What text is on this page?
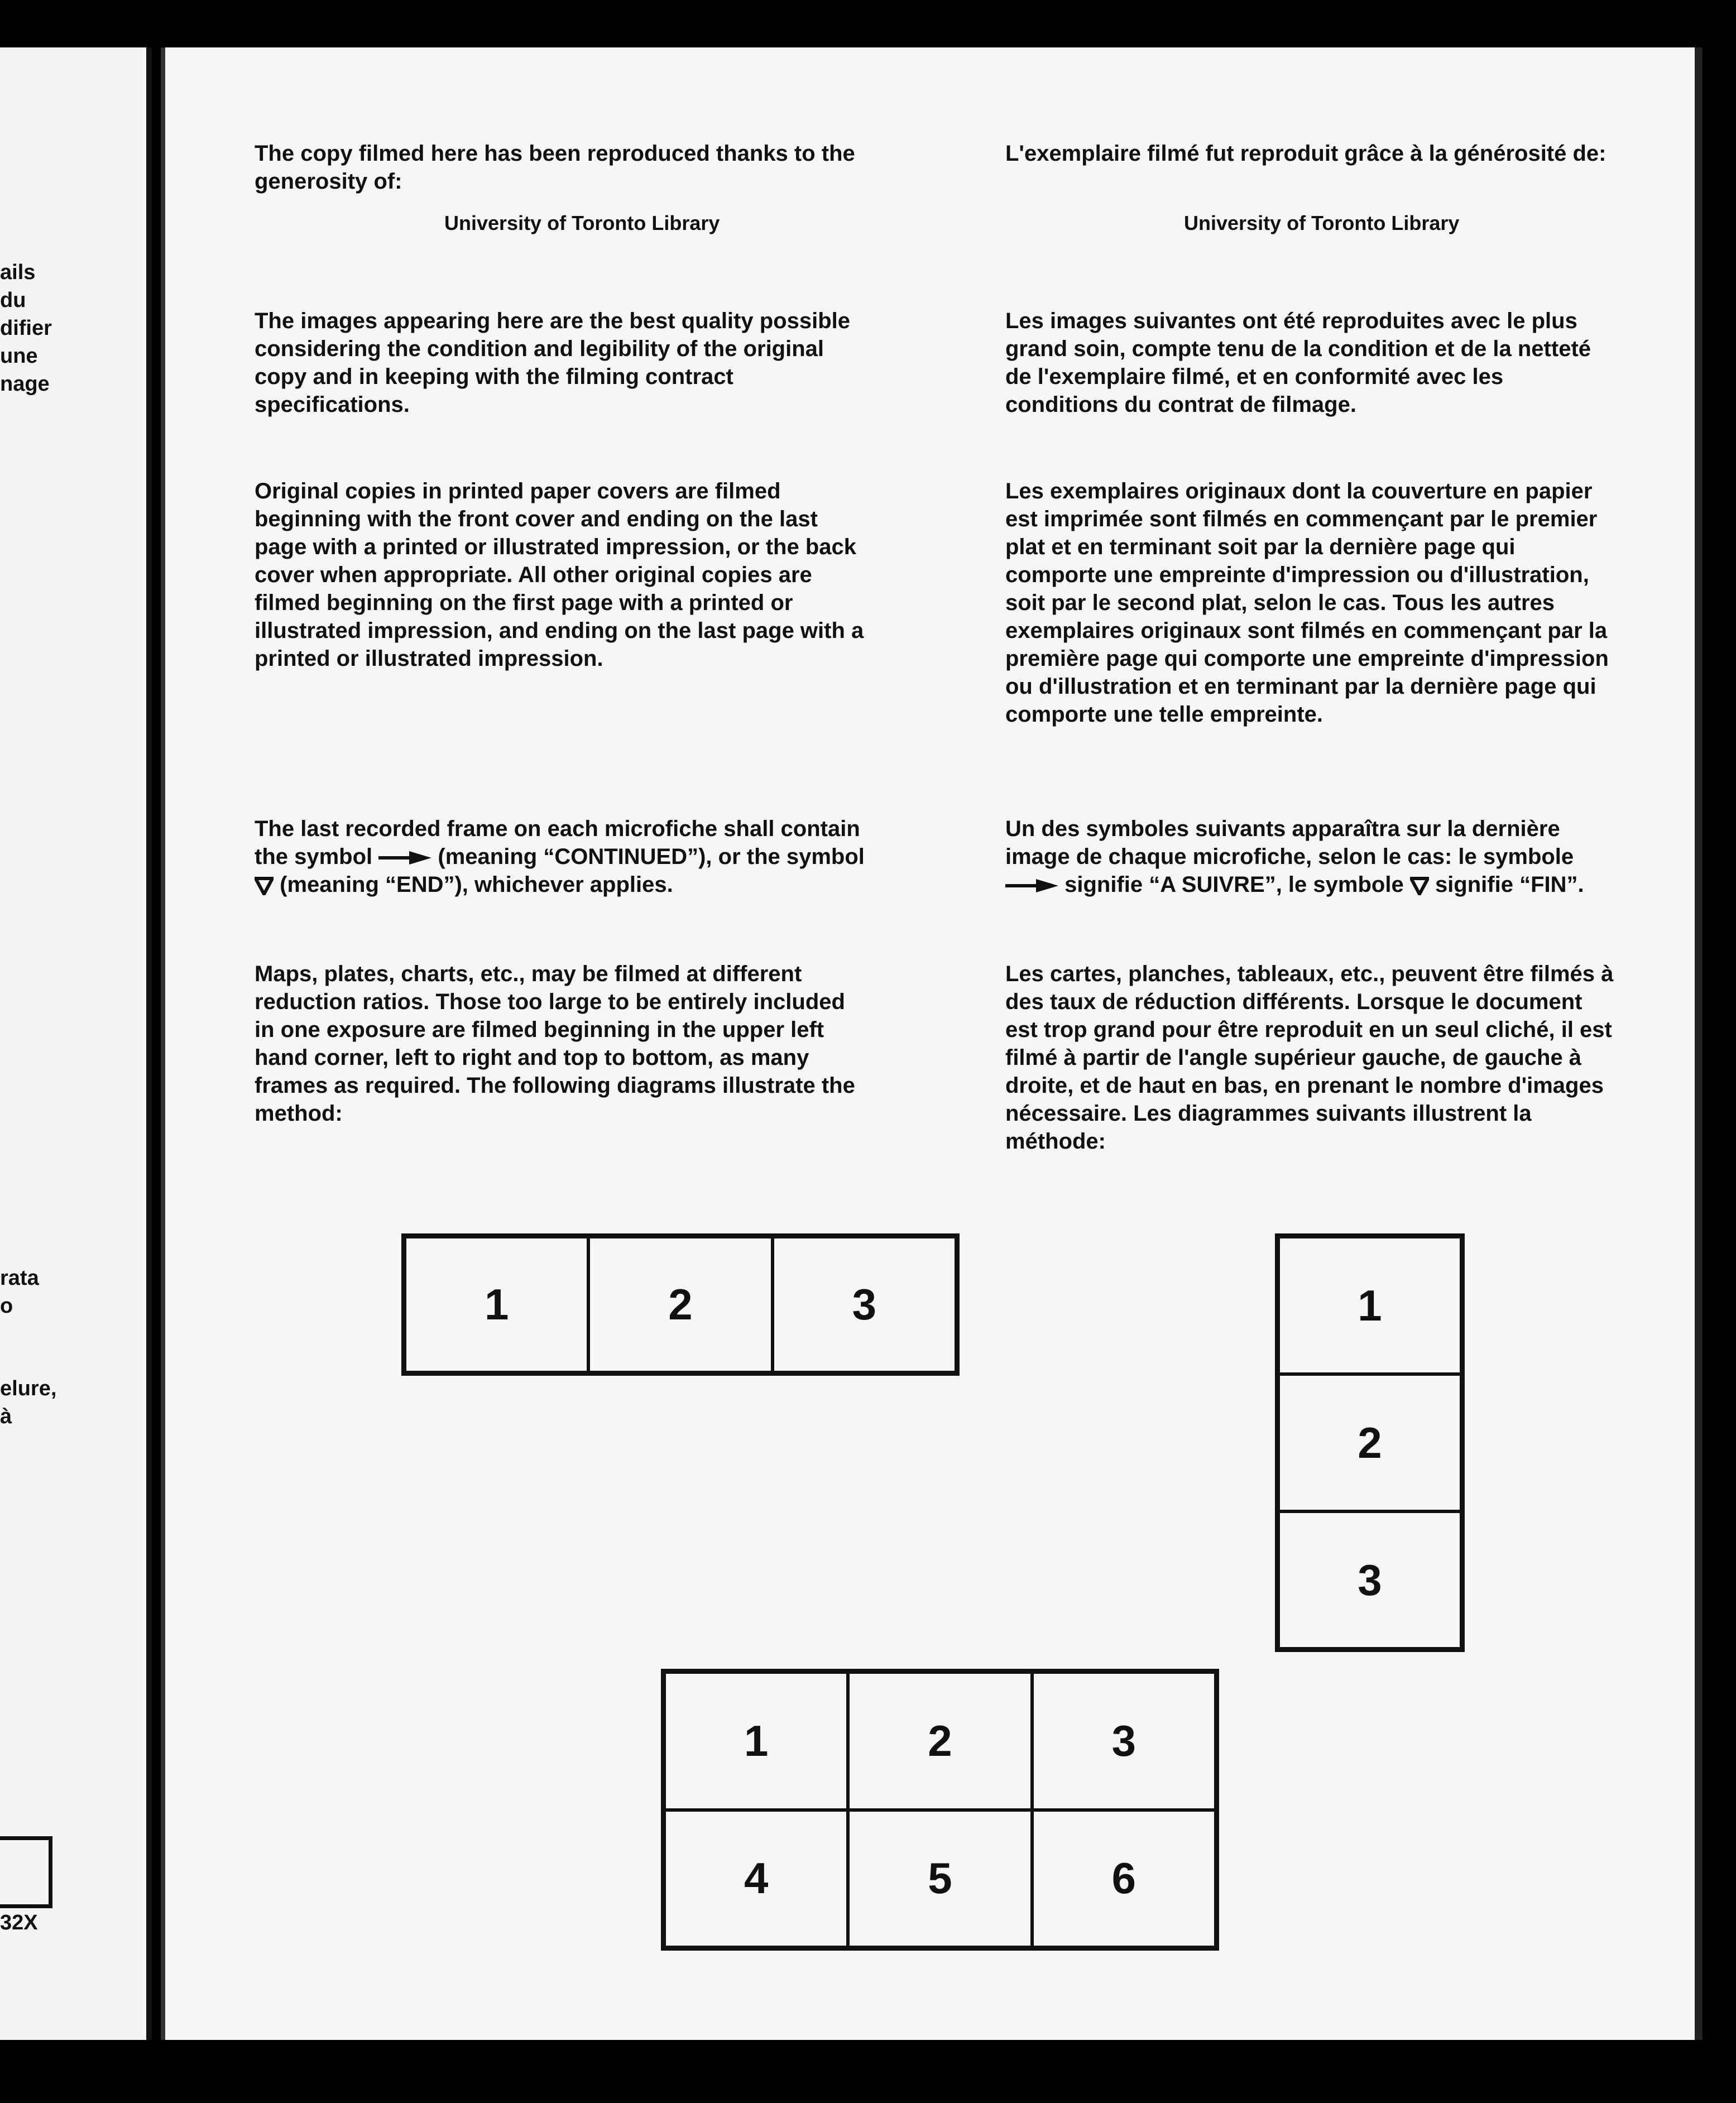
ails
du
difier
une
nage
rata
o
elure,
à
32X

The copy filmed here has been reproduced thanks to the generosity of:

University of Toronto Library

The images appearing here are the best quality possible considering the condition and legibility of the original copy and in keeping with the filming contract specifications.

Original copies in printed paper covers are filmed beginning with the front cover and ending on the last page with a printed or illustrated impression, or the back cover when appropriate. All other original copies are filmed beginning on the first page with a printed or illustrated impression, and ending on the last page with a printed or illustrated impression.

The last recorded frame on each microfiche shall contain the symbol	(meaning “CONTINUED”), or the symbol  (meaning “END”), whichever applies.

Maps, plates, charts, etc., may be filmed at different reduction ratios. Those too large to be entirely included in one exposure are filmed beginning in the upper left hand corner, left to right and top to bottom, as many frames as required. The following diagrams illustrate the method:

L'exemplaire filmé fut reproduit grâce à la générosité de:

University of Toronto Library

Les images suivantes ont été reproduites avec le plus grand soin, compte tenu de la condition et de la netteté de l'exemplaire filmé, et en conformité avec les conditions du contrat de filmage.

Les exemplaires originaux dont la couverture en papier est imprimée sont filmés en commençant par le premier plat et en terminant soit par la dernière page qui comporte une empreinte d'impression ou d'illustration, soit par le second plat, selon le cas. Tous les autres exemplaires originaux sont filmés en commençant par la première page qui comporte une empreinte d'impression ou d'illustration et en terminant par la dernière page qui comporte une telle empreinte.

Un des symboles suivants apparaîtra sur la dernière image de chaque microfiche, selon le cas: le symbole  signifie “A SUIVRE”, le symbole signifie “FIN”.

Les cartes, planches, tableaux, etc., peuvent être filmés à des taux de réduction différents. Lorsque le document est trop grand pour être reproduit en un seul cliché, il est filmé à partir de l'angle supérieur gauche, de gauche à droite, et de haut en bas, en prenant le nombre d'images nécessaire. Les diagrammes suivants illustrent la méthode:

1	2	3	1
2
3
1	2	3
4	5	6
